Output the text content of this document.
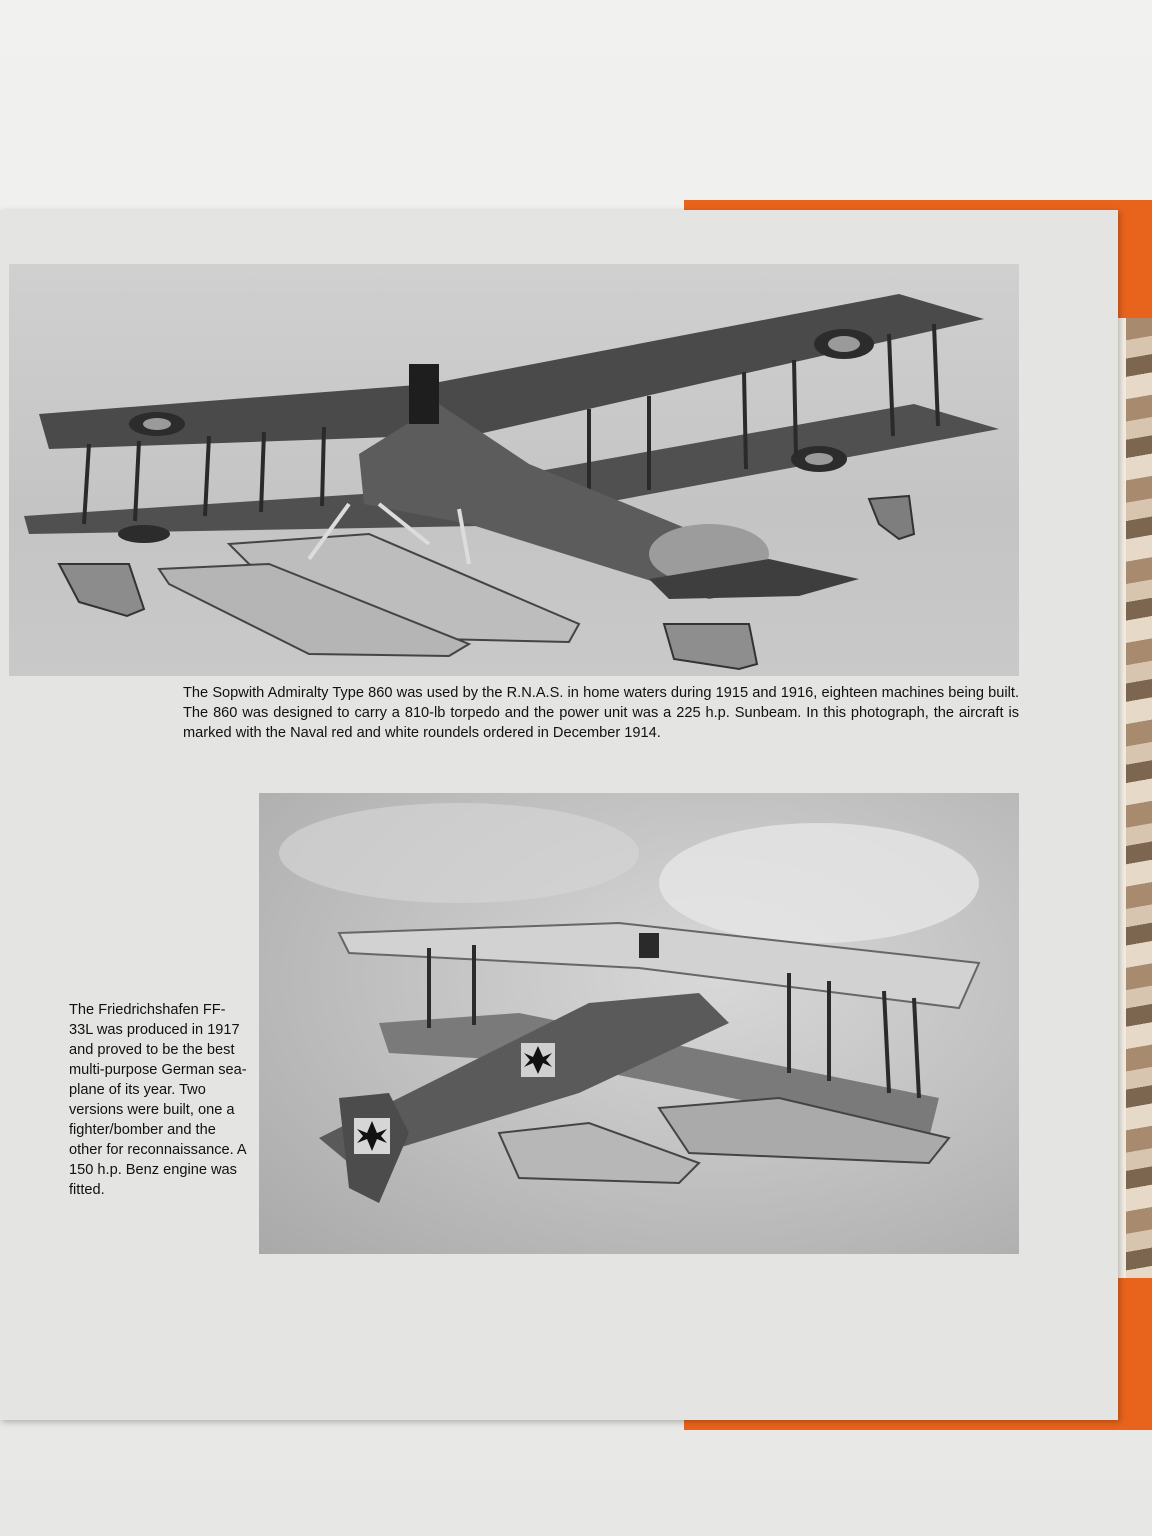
The Sopwith Admiralty Type 860 was used by the R.N.A.S. in home waters during 1915 and 1916, eighteen machines being built. The 860 was designed to carry a 810-lb torpedo and the power unit was a 225 h.p. Sunbeam. In this photograph, the aircraft is marked with the Naval red and white roundels ordered in December 1914.

The Friedrichshafen FF-33L was produced in 1917 and proved to be the best multi-purpose German sea-plane of its year. Two versions were built, one a fighter/bomber and the other for reconnaissance. A 150 h.p. Benz engine was fitted.
